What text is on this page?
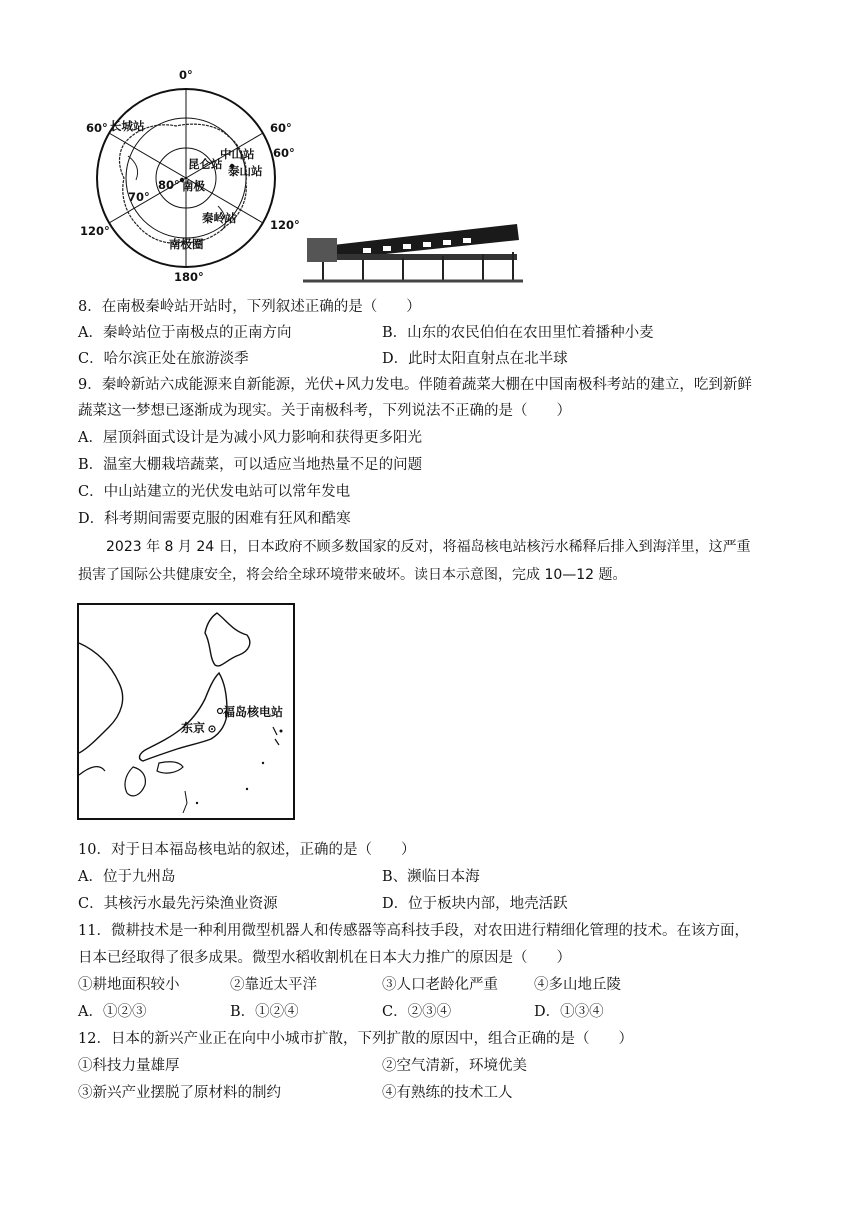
0°
180°
60°	60°
60°
120°	120°
长城站
昆仑站
中山站
泰山站
80° 南极
70°
秦岭站
南极圈
8．在南极秦岭站开站时，下列叙述正确的是（　　）
A．秦岭站位于南极点的正南方向	B．山东的农民伯伯在农田里忙着播种小麦
C．哈尔滨正处在旅游淡季	D．此时太阳直射点在北半球
9．秦岭新站六成能源来自新能源，光伏+风力发电。伴随着蔬菜大棚在中国南极科考站的建立，吃到新鲜
蔬菜这一梦想已逐渐成为现实。关于南极科考，下列说法不正确的是（　　）
A．屋顶斜面式设计是为减小风力影响和获得更多阳光
B．温室大棚栽培蔬菜，可以适应当地热量不足的问题
C．中山站建立的光伏发电站可以常年发电
D．科考期间需要克服的困难有狂风和酷寒
2023 年 8 月 24 日，日本政府不顾多数国家的反对，将福岛核电站核污水稀释后排入到海洋里，这严重
损害了国际公共健康安全，将会给全球环境带来破坏。读日本示意图，完成 10—12 题。
福岛核电站
东京
10．对于日本福岛核电站的叙述，正确的是（　　）
A．位于九州岛	B、濒临日本海
C．其核污水最先污染渔业资源	D．位于板块内部，地壳活跃
11．微耕技术是一种利用微型机器人和传感器等高科技手段，对农田进行精细化管理的技术。在该方面，
日本已经取得了很多成果。微型水稻收割机在日本大力推广的原因是（　　）
①耕地面积较小	②靠近太平洋	③人口老龄化严重 ④多山地丘陵
A．①②③	B．①②④	C．②③④	D．①③④
12．日本的新兴产业正在向中小城市扩散，下列扩散的原因中，组合正确的是（　　）
①科技力量雄厚	②空气清新，环境优美
③新兴产业摆脱了原材料的制约	④有熟练的技术工人
